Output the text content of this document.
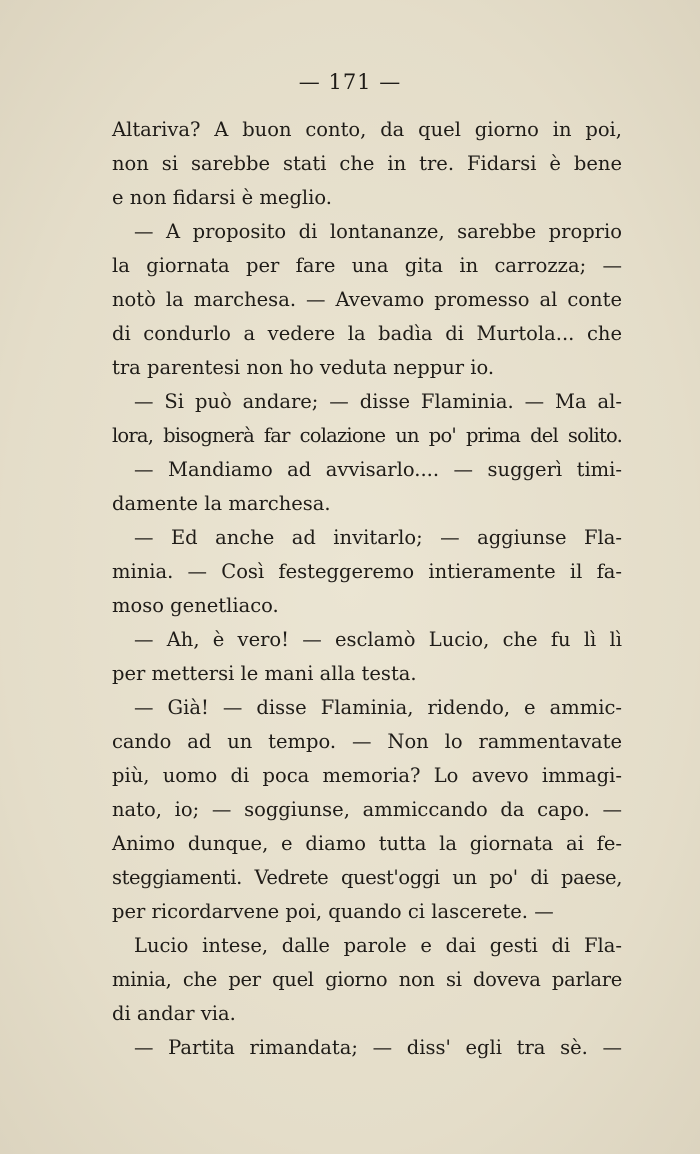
— 171 —
Altariva? A buon conto, da quel giorno in poi,
non si sarebbe stati che in tre. Fidarsi è bene
e non fidarsi è meglio.
— A proposito di lontananze, sarebbe proprio
la giornata per fare una gita in carrozza; —
notò la marchesa. — Avevamo promesso al conte
di condurlo a vedere la badìa di Murtola... che
tra parentesi non ho veduta neppur io.
— Si può andare; — disse Flaminia. — Ma al-
lora, bisognerà far colazione un po' prima del solito.
— Mandiamo ad avvisarlo.... — suggerì timi-
damente la marchesa.
— Ed anche ad invitarlo; — aggiunse Fla-
minia. — Così festeggeremo intieramente il fa-
moso genetliaco.
— Ah, è vero! — esclamò Lucio, che fu lì lì
per mettersi le mani alla testa.
— Già! — disse Flaminia, ridendo, e ammic-
cando ad un tempo. — Non lo rammentavate
più, uomo di poca memoria? Lo avevo immagi-
nato, io; — soggiunse, ammiccando da capo. —
Animo dunque, e diamo tutta la giornata ai fe-
steggiamenti. Vedrete quest'oggi un po' di paese,
per ricordarvene poi, quando ci lascerete. —
Lucio intese, dalle parole e dai gesti di Fla-
minia, che per quel giorno non si doveva parlare
di andar via.
— Partita rimandata; — diss' egli tra sè. —
